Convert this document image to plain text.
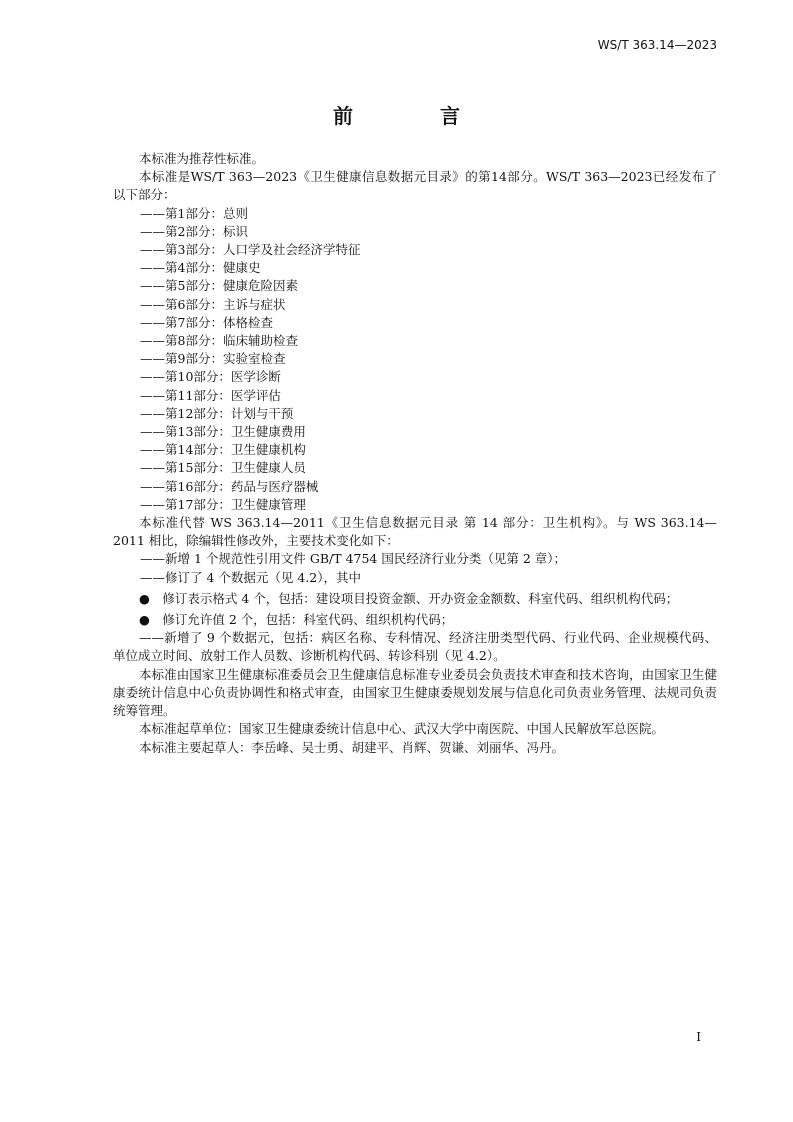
WS/T 363.14—2023
前 言

本标准为推荐性标准。

本标准是WS/T 363—2023《卫生健康信息数据元目录》的第14部分。WS/T 363—2023已经发布了以下部分：

——第1部分：总则

——第2部分：标识

——第3部分：人口学及社会经济学特征

——第4部分：健康史

——第5部分：健康危险因素

——第6部分：主诉与症状

——第7部分：体格检查

——第8部分：临床辅助检查

——第9部分：实验室检查

——第10部分：医学诊断

——第11部分：医学评估

——第12部分：计划与干预

——第13部分：卫生健康费用

——第14部分：卫生健康机构

——第15部分：卫生健康人员

——第16部分：药品与医疗器械

——第17部分：卫生健康管理

本标准代替 WS 363.14—2011《卫生信息数据元目录 第 14 部分：卫生机构》。与 WS 363.14—2011 相比，除编辑性修改外，主要技术变化如下：

——新增 1 个规范性引用文件 GB/T 4754 国民经济行业分类（见第 2 章）；

——修订了 4 个数据元（见 4.2），其中

●　修订表示格式 4 个，包括：建设项目投资金额、开办资金金额数、科室代码、组织机构代码；

●　修订允许值 2 个，包括：科室代码、组织机构代码；

——新增了 9 个数据元，包括：病区名称、专科情况、经济注册类型代码、行业代码、企业规模代码、单位成立时间、放射工作人员数、诊断机构代码、转诊科别（见 4.2）。

本标准由国家卫生健康标准委员会卫生健康信息标准专业委员会负责技术审查和技术咨询，由国家卫生健康委统计信息中心负责协调性和格式审查，由国家卫生健康委规划发展与信息化司负责业务管理、法规司负责统筹管理。

本标准起草单位：国家卫生健康委统计信息中心、武汉大学中南医院、中国人民解放军总医院。

本标准主要起草人：李岳峰、吴士勇、胡建平、肖辉、贺谦、刘丽华、冯丹。

I
